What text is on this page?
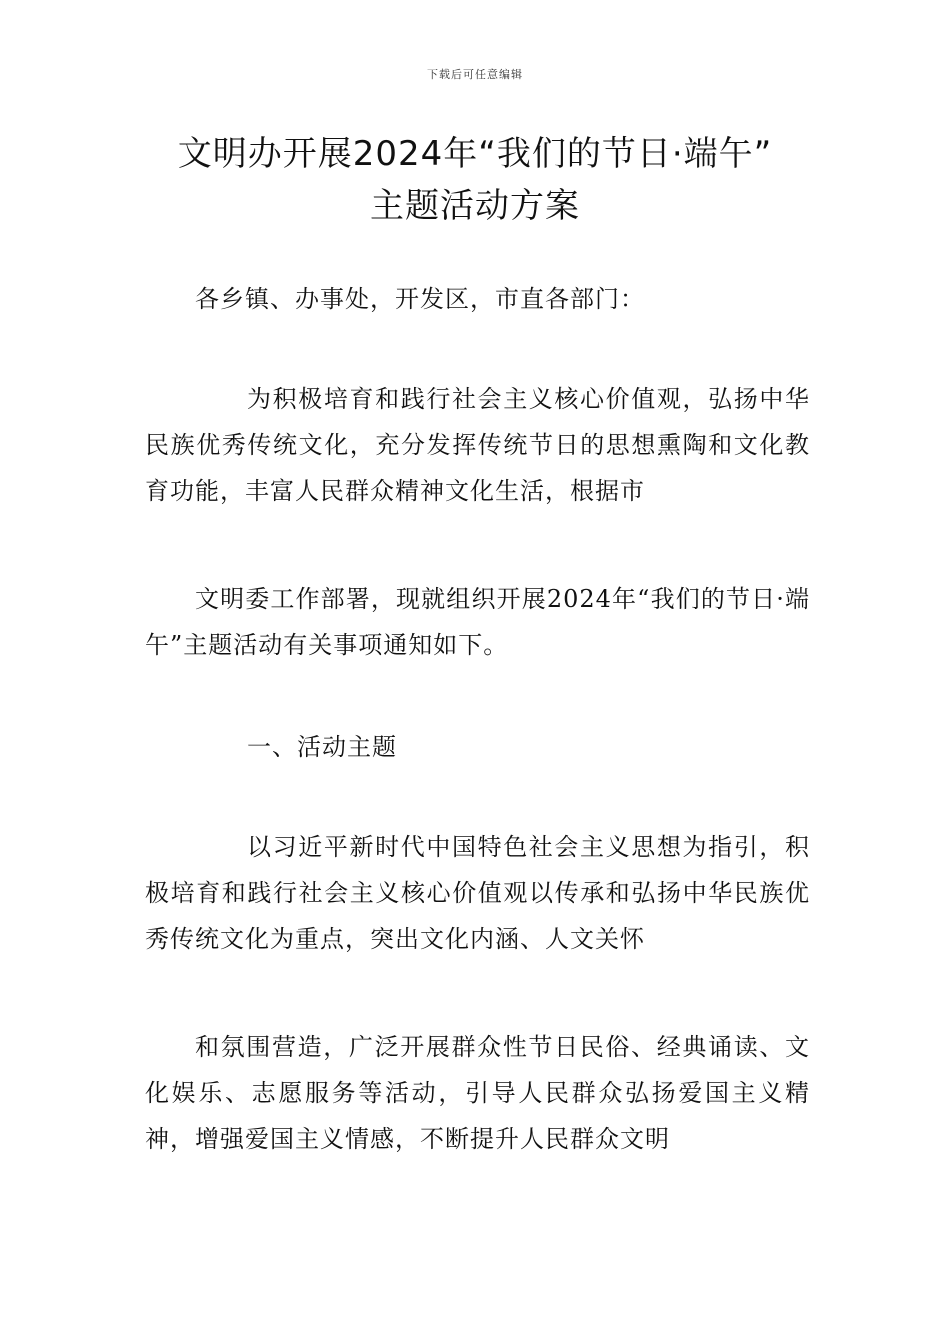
下载后可任意编辑
文明办开展2024年“我们的节日·端午”
主题活动方案

各乡镇、办事处，开发区，市直各部门：

为积极培育和践行社会主义核心价值观，弘扬中华民族优秀传统文化，充分发挥传统节日的思想熏陶和文化教育功能，丰富人民群众精神文化生活，根据市

文明委工作部署，现就组织开展2024年“我们的节日·端午”主题活动有关事项通知如下。

一、活动主题

以习近平新时代中国特色社会主义思想为指引，积极培育和践行社会主义核心价值观以传承和弘扬中华民族优秀传统文化为重点，突出文化内涵、人文关怀

和氛围营造，广泛开展群众性节日民俗、经典诵读、文化娱乐、志愿服务等活动，引导人民群众弘扬爱国主义精神，增强爱国主义情感，不断提升人民群众文明
